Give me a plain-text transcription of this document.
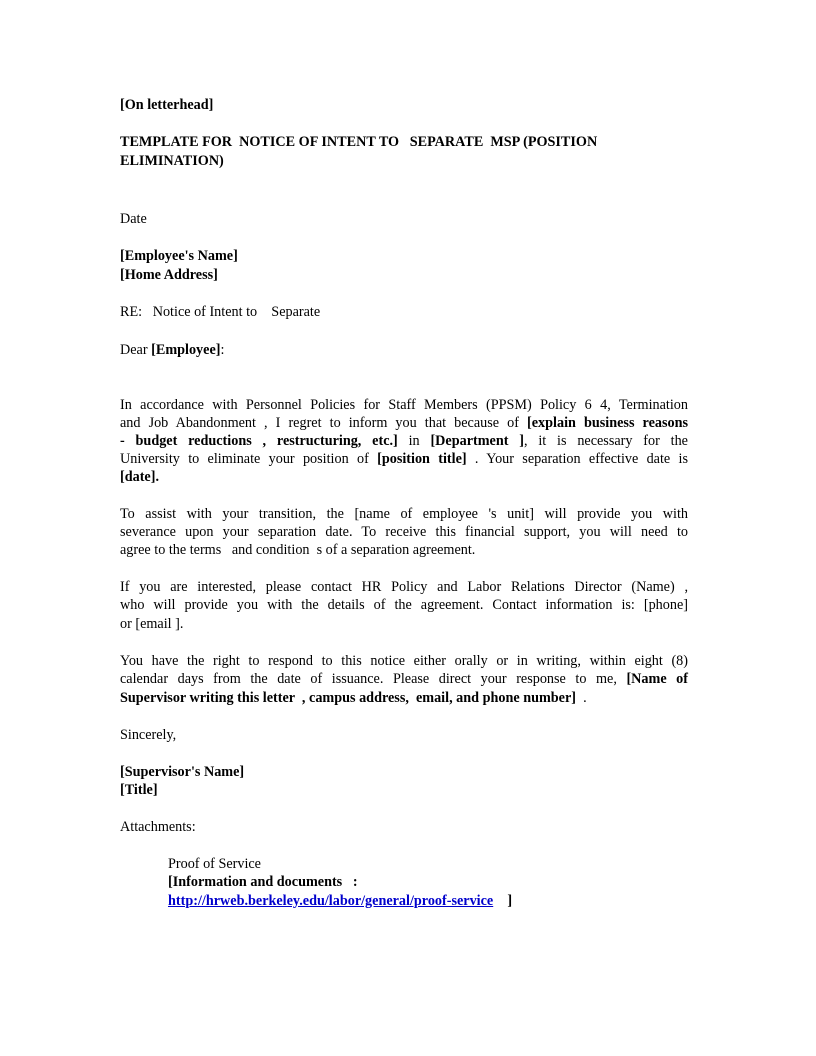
[On letterhead]
TEMPLATE FOR  NOTICE OF INTENT TO   SEPARATE  MSP (POSITION
ELIMINATION)
Date
[Employee's Name]
[Home Address]
RE: Notice of Intent to    Separate
Dear [Employee]:
In accordance with Personnel Policies for Staff Members (PPSM) Policy 6 4, Termination
and Job Abandonment , I regret to inform you that because of [explain business reasons
- budget reductions , restructuring, etc.] in [Department ], it is necessary for the
University to eliminate your position of [position title] . Your separation effective date is
[date].
To assist with your transition, the [name of employee 's unit] will provide you with
severance upon your separation date. To receive this financial support, you will need to
agree to the terms   and condition  s of a separation agreement.
If you are interested, please contact HR Policy and Labor Relations Director (Name) ,
who will provide you with the details of the agreement. Contact information is: [phone]
or [email ].
You have the right to respond to this notice either orally or in writing, within eight (8)
calendar days from the date of issuance. Please direct your response to me, [Name of
Supervisor writing this letter  , campus address,  email, and phone number]  .
Sincerely,
[Supervisor's Name]
[Title]
Attachments:
Proof of Service
[Information and documents   :
http://hrweb.berkeley.edu/labor/general/proof-service    ]
